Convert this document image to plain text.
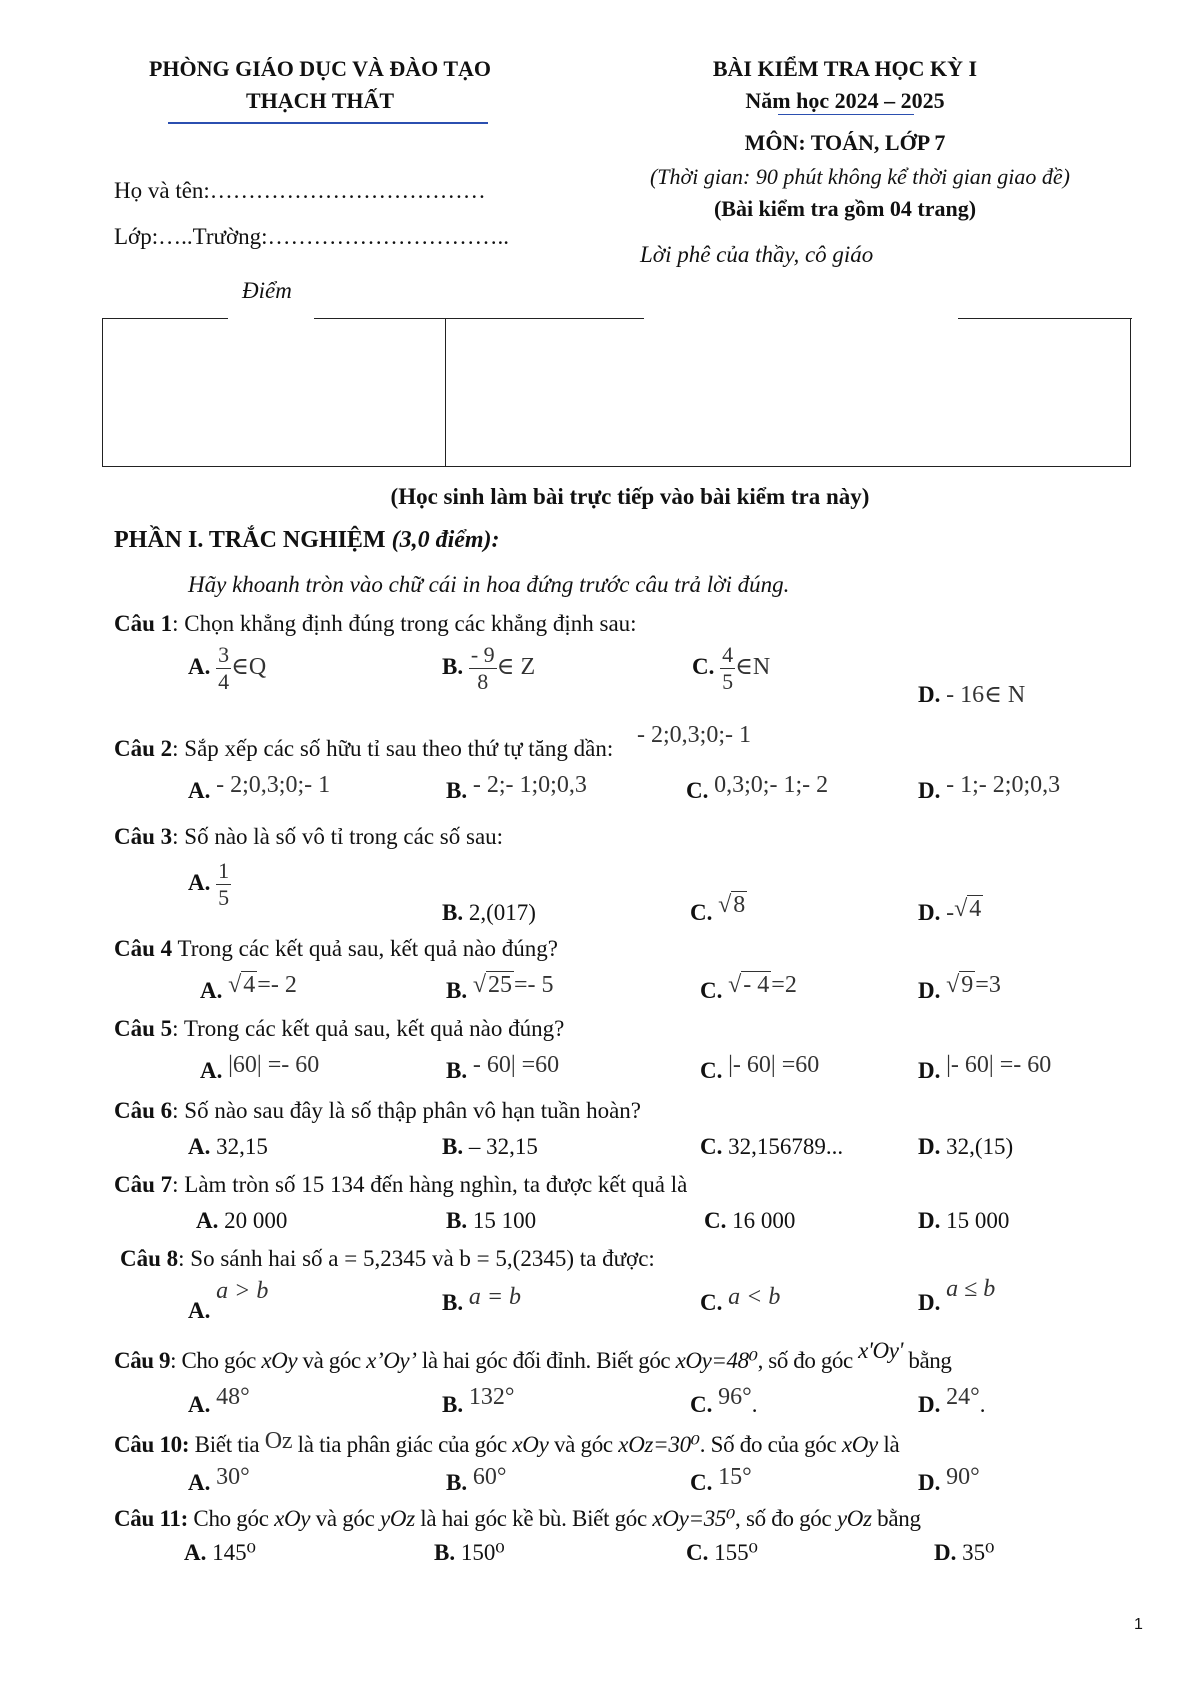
PHÒNG GIÁO DỤC VÀ ĐÀO TẠO
THẠCH THẤT
BÀI KIỂM TRA HỌC KỲ I
Năm học 2024 – 2025
MÔN: TOÁN, LỚP 7
(Thời gian: 90 phút không kể thời gian giao đề)
(Bài kiểm tra gồm 04 trang)
Họ và tên:………………………………
Lớp:…..Trường:…………………………..
Điểm
Lời phê của thầy, cô giáo
(Học sinh làm bài trực tiếp vào bài kiểm tra này)
PHẦN I. TRẮC NGHIỆM (3,0 điểm):
Hãy khoanh tròn vào chữ cái in hoa đứng trước câu trả lời đúng.
Câu 1: Chọn khẳng định đúng trong các khẳng định sau:
A. $\frac{3}{4}$ ∈Q	B. $\frac{- 9}{8}$ ∈ Z	C. $\frac{4}{5}$ ∈N
D. - 16∈ N
Câu 2: Sắp xếp các số hữu tỉ sau theo thứ tự tăng dần: - 2;0,3;0;- 1
A. - 2;0,3;0;- 1	B. - 2;- 1;0;0,3	C. 0,3;0;- 1;- 2	D. - 1;- 2;0;0,3
Câu 3: Số nào là số vô tỉ trong các số sau:
A. $\frac{1}{5}$
B. 2,(017)	C. √8	D. -√4
Câu 4 Trong các kết quả sau, kết quả nào đúng?
A. √4=- 2	B. √25=- 5	C. √- 4=2	D. √9=3
Câu 5: Trong các kết quả sau, kết quả nào đúng?
A. |60| =- 60	B. - 60| =60	C. |- 60| =60	D. |- 60| =- 60
Câu 6: Số nào sau đây là số thập phân vô hạn tuần hoàn?
A. 32,15	B. – 32,15	C. 32,156789...	D. 32,(15)
Câu 7: Làm tròn số 15 134 đến hàng nghìn, ta được kết quả là
A. 20 000	B. 15 100	C. 16 000	D. 15 000
Câu 8: So sánh hai số a = 5,2345 và b = 5,(2345) ta được:
A. a > b	B. a = b	C. a < b	D. a ≤ b
Câu 9: Cho góc xOy và góc x’Oy’ là hai góc đối đỉnh. Biết góc xOy=48⁰, số đo góc x'Oy' bằng
A. 48°	B. 132°	C. 96°.	D. 24°.
Câu 10: Biết tia Oz là tia phân giác của góc xOy và góc xOz=30⁰. Số đo của góc xOy là
A. 30°	B. 60°	C. 15°	D. 90°
Câu 11: Cho góc xOy và góc yOz là hai góc kề bù. Biết góc xOy=35⁰, số đo góc yOz bằng
A. 145⁰	B. 150⁰	C. 155⁰	D. 35⁰
1
